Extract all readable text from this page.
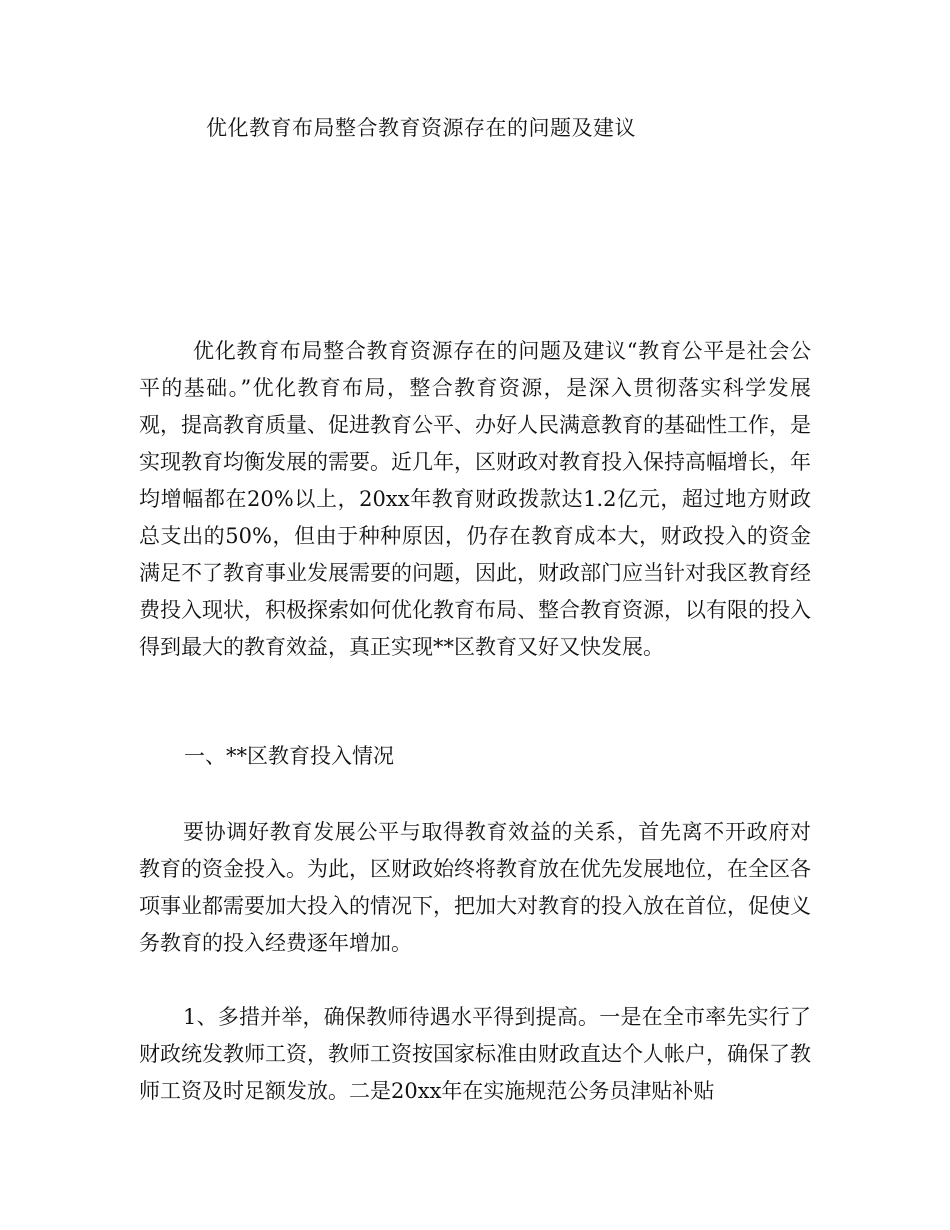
优化教育布局整合教育资源存在的问题及建议

优化教育布局整合教育资源存在的问题及建议“教育公平是社会公平的基础。”优化教育布局，整合教育资源，是深入贯彻落实科学发展观，提高教育质量、促进教育公平、办好人民满意教育的基础性工作，是实现教育均衡发展的需要。近几年，区财政对教育投入保持高幅增长，年均增幅都在20%以上，20xx年教育财政拨款达1.2亿元，超过地方财政总支出的50%，但由于种种原因，仍存在教育成本大，财政投入的资金满足不了教育事业发展需要的问题，因此，财政部门应当针对我区教育经费投入现状，积极探索如何优化教育布局、整合教育资源，以有限的投入得到最大的教育效益，真正实现**区教育又好又快发展。

一、**区教育投入情况

要协调好教育发展公平与取得教育效益的关系，首先离不开政府对教育的资金投入。为此，区财政始终将教育放在优先发展地位，在全区各项事业都需要加大投入的情况下，把加大对教育的投入放在首位，促使义务教育的投入经费逐年增加。

1、多措并举，确保教师待遇水平得到提高。一是在全市率先实行了财政统发教师工资，教师工资按国家标准由财政直达个人帐户，确保了教师工资及时足额发放。二是20xx年在实施规范公务员津贴补贴
